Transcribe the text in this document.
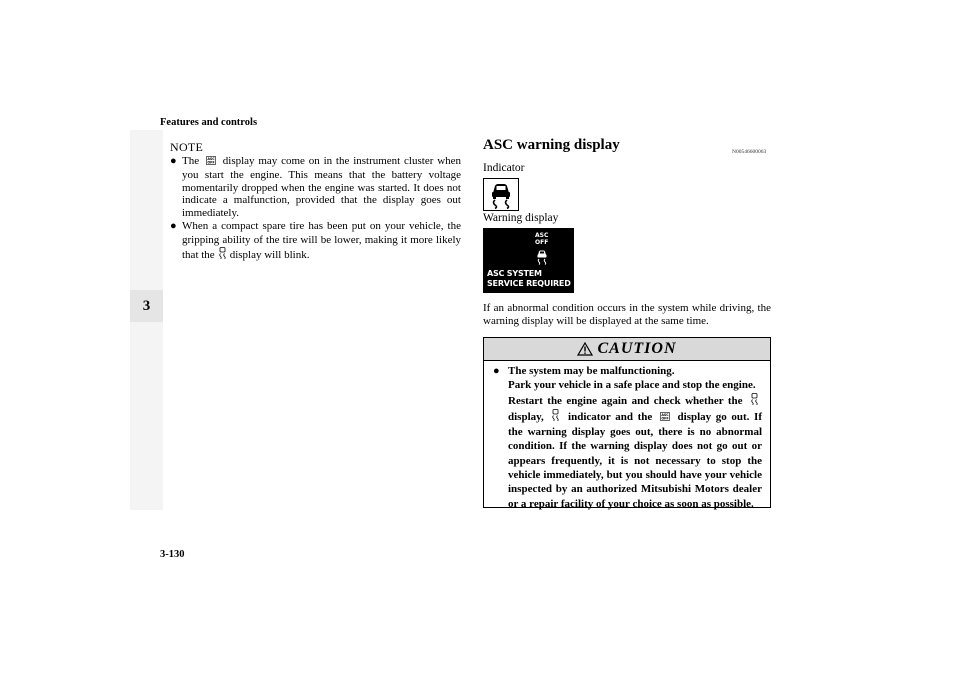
Features and controls
3
NOTE
● The ASC
OFF display may come on in the instrument cluster when you start the engine. This means that the battery voltage momentarily dropped when the engine was started. It does not indicate a malfunction, provided that the display goes out immediately.
● When a compact spare tire has been put on your vehicle, the gripping ability of the tire will be lower, making it more likely that the display will blink.
ASC warning display	N00546600063
Indicator
Warning display
ASC
OFF
ASC SYSTEM
SERVICE REQUIRED
If an abnormal condition occurs in the system while driving, the warning display will be displayed at the same time.
CAUTION
● The system may be malfunctioning.

Park your vehicle in a safe place and stop the engine.

Restart the engine again and check whether the  display, indicator and the	ASC
OFF display go out. If the warning display goes out, there is no abnormal condition. If the warning display does not go out or appears frequently, it is not necessary to stop the vehicle immediately, but you should have your vehicle inspected by an authorized Mitsubishi Motors dealer or a repair facility of your choice as soon as possible.

3-130
